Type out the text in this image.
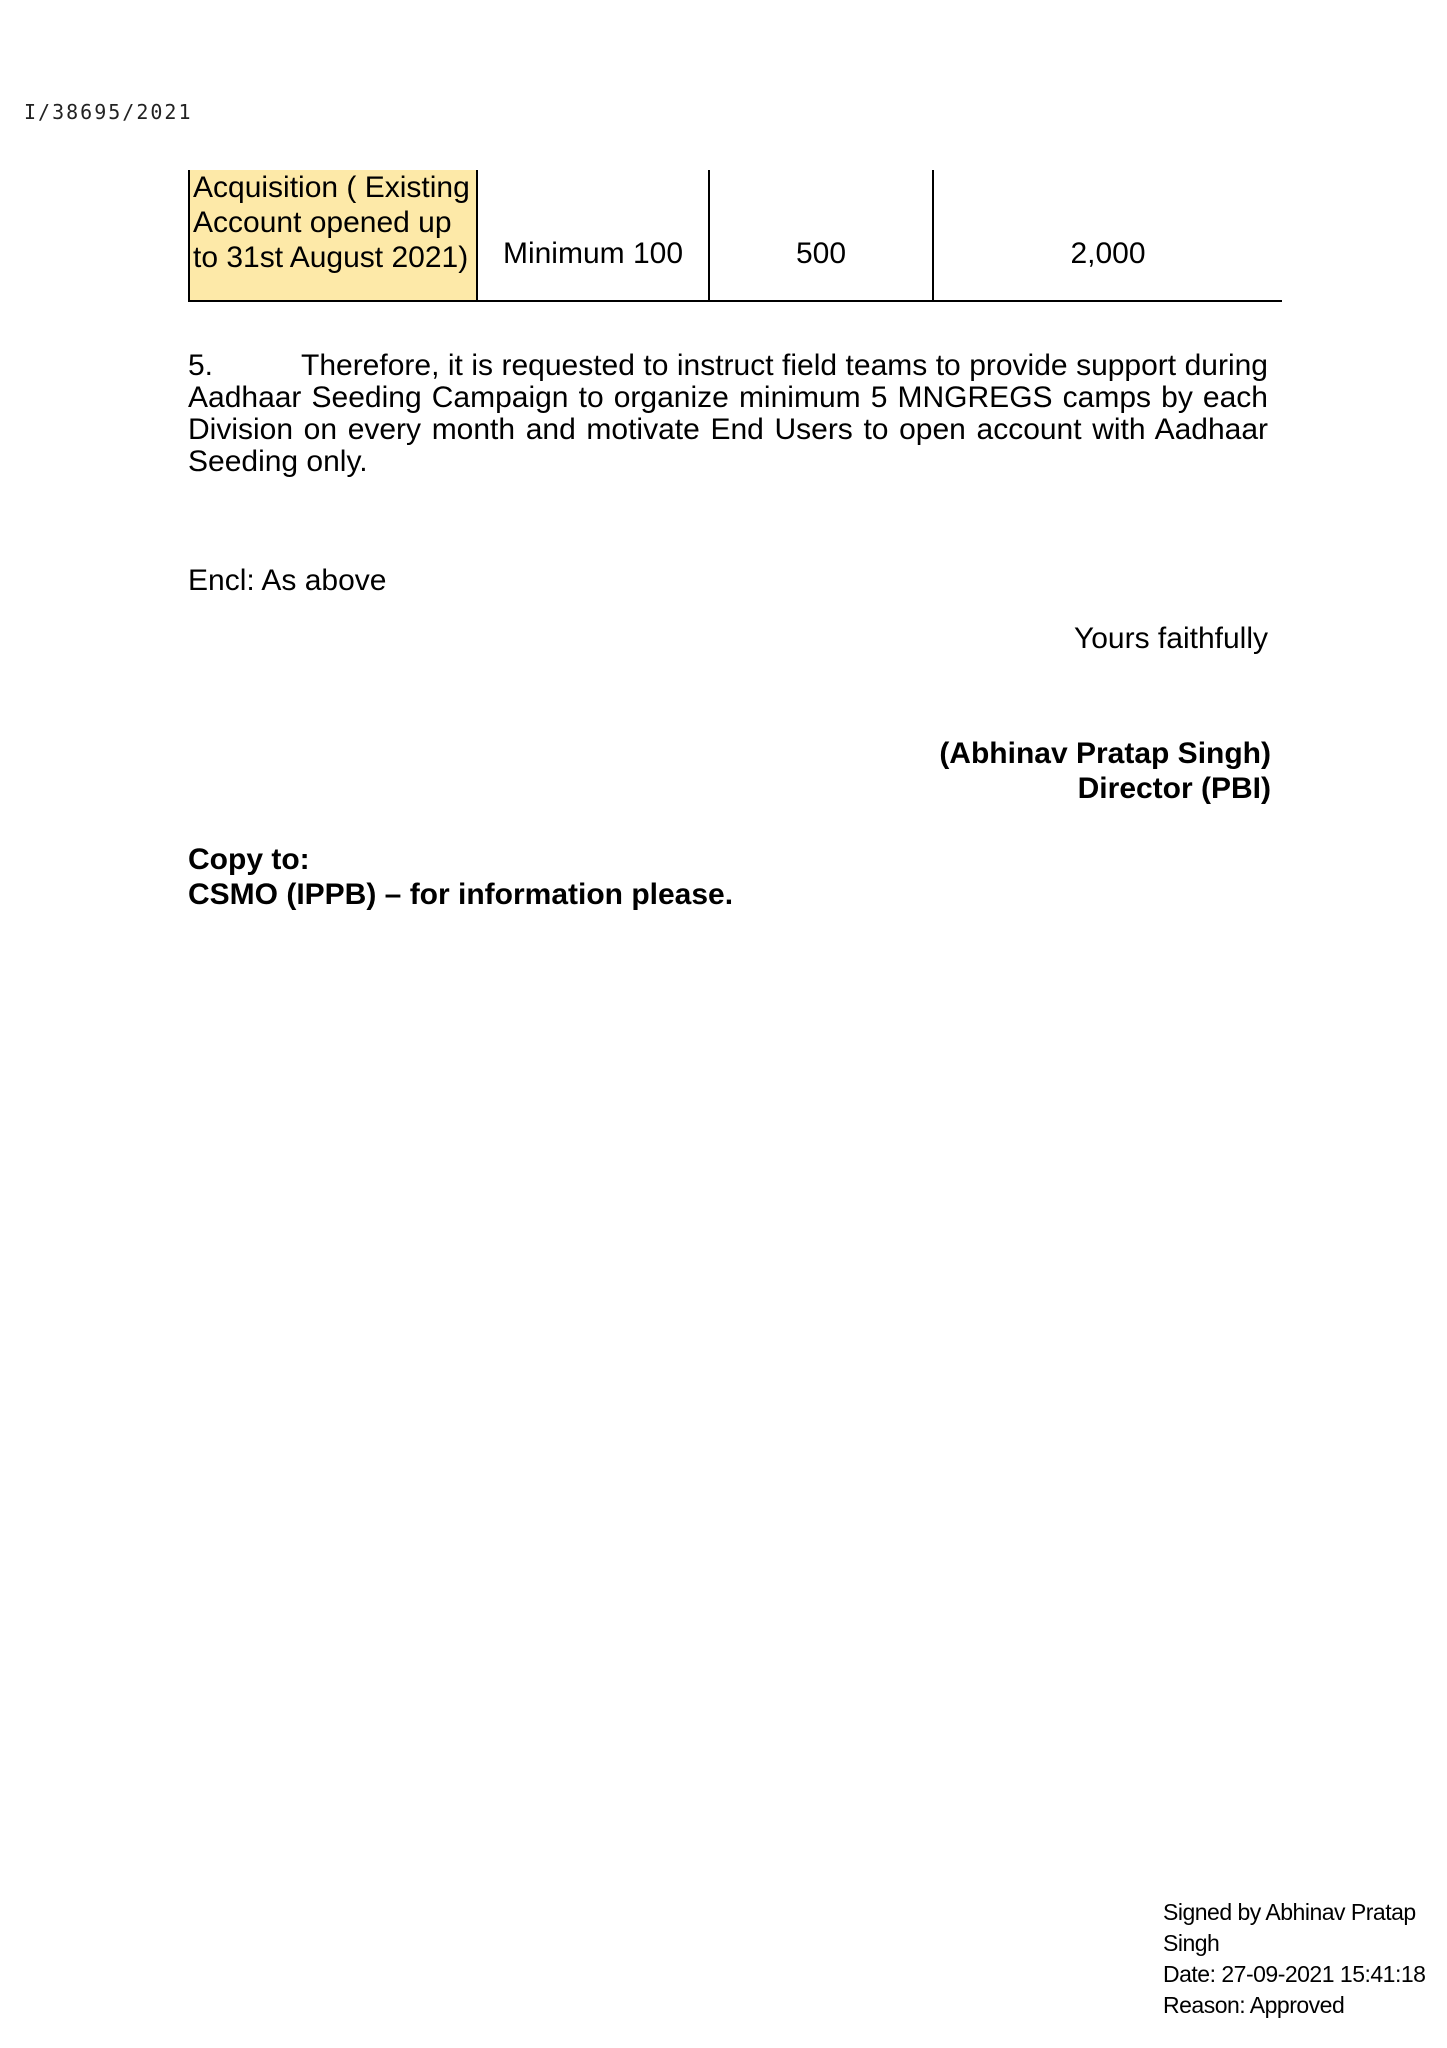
I/38695/2021
Acquisition ( Existing
Account opened up
to 31st August 2021)	Minimum 100	500	2,000
5.	Therefore, it is requested to instruct field teams to provide support during
Aadhaar Seeding Campaign to organize minimum 5 MNGREGS camps by each
Division on every month and motivate End Users to open account with Aadhaar
Seeding only.
Encl: As above
Yours faithfully
(Abhinav Pratap Singh)
Director (PBI)
Copy to:
CSMO (IPPB) – for information please.
Signed by Abhinav Pratap
Singh
Date: 27-09-2021 15:41:18
Reason: Approved
